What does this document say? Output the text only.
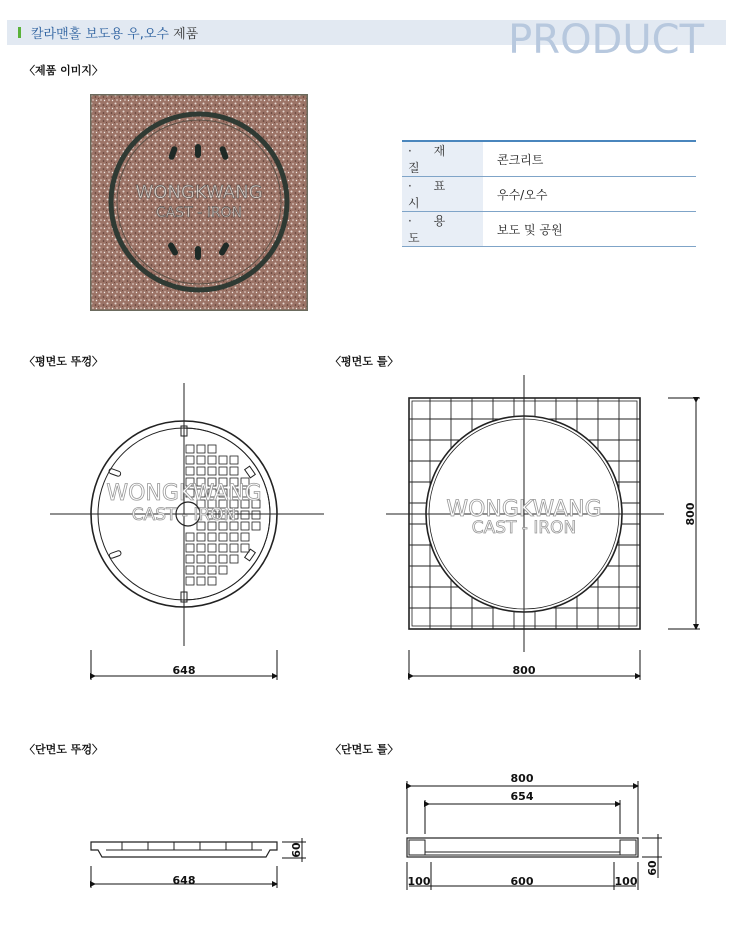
칼라맨홀 보도용 우,오수 제품	PRODUCT
〈제품 이미지〉
〈평면도 뚜껑〉	〈평면도 틀〉
〈단면도 뚜껑〉	〈단면도 틀〉
WONGKWANG
CAST - IRON
· 재 질	콘크리트
· 표 시	우수/오수
· 용 도	보도 및 공원
WONGKWANG
CAST - IRON
648
WONGKWANG
CAST - IRON
800
800
648
60
800
654
100	600	100
60
